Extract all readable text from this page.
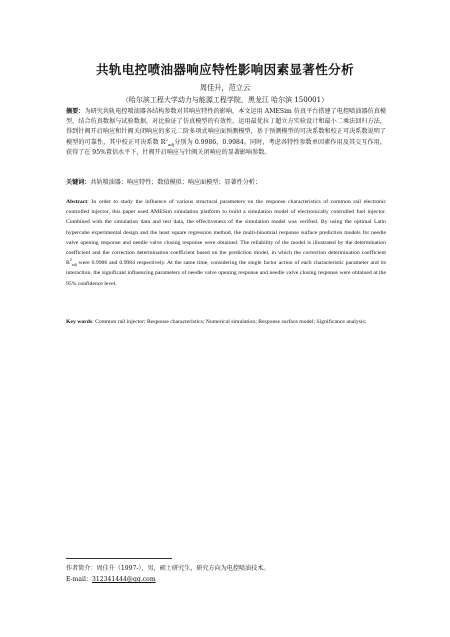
共轨电控喷油器响应特性影响因素显著性分析
周佳升，范立云
（哈尔滨工程大学动力与能源工程学院，黑龙江 哈尔滨 150001）
摘要：为研究共轨电控喷油器各结构参数对其响应特性的影响，本文运用 AMESim 仿真平台搭建了电控喷油器仿真模型，结合仿真数据与试验数据，对比验证了仿真模型的有效性。运用最优拉丁超立方实验设计和最小二乘法回归方法，得到针阀开启响应和针阀关闭响应的多元二阶多项式响应面预测模型，基于预测模型的可决系数和校正可决系数说明了模型的可靠性，其中校正可决系数 $R^2_{adj}$分别为 0.9986、0.9984。同时，考虑各特性参数单因素作用及其交互作用，获得了在 95%置信水平下，针阀开启响应与针阀关闭响应的显著影响参数。
关键词：共轨喷油器；响应特性；数值模拟；响应面模型；显著性分析；
Abstract: In order to study the influence of various structural parameters on the response characteristics of common rail electronic controlled injector, this paper used AMESim simulation platform to build a simulation model of electronically controlled fuel injector. Combined with the simulation data and test data, the effectiveness of the simulation model was verified. By using the optimal Latin hypercube experimental design and the least square regression method, the multi-binomial response surface prediction models for needle valve opening response and needle valve closing response were obtained. The reliability of the model is illustrated by the determination coefficient and the correction determination coefficient based on the prediction model, in which the correction determination coefficient $R^2_{adj}$ were 0.9986 and 0.9984 respectively. At the same time, considering the single factor action of each characteristic parameter and its interaction, the significant influencing parameters of needle valve opening response and needle valve closing response were obtained at the 95% confidence level.
Key words: Common rail injector; Response characteristics; Numerical simulation; Response surface model; Significance analysis;
作者简介：周佳升（1997-），男，硕士研究生，研究方向为电控喷油技术。
E-mail：312341444@qq.com
